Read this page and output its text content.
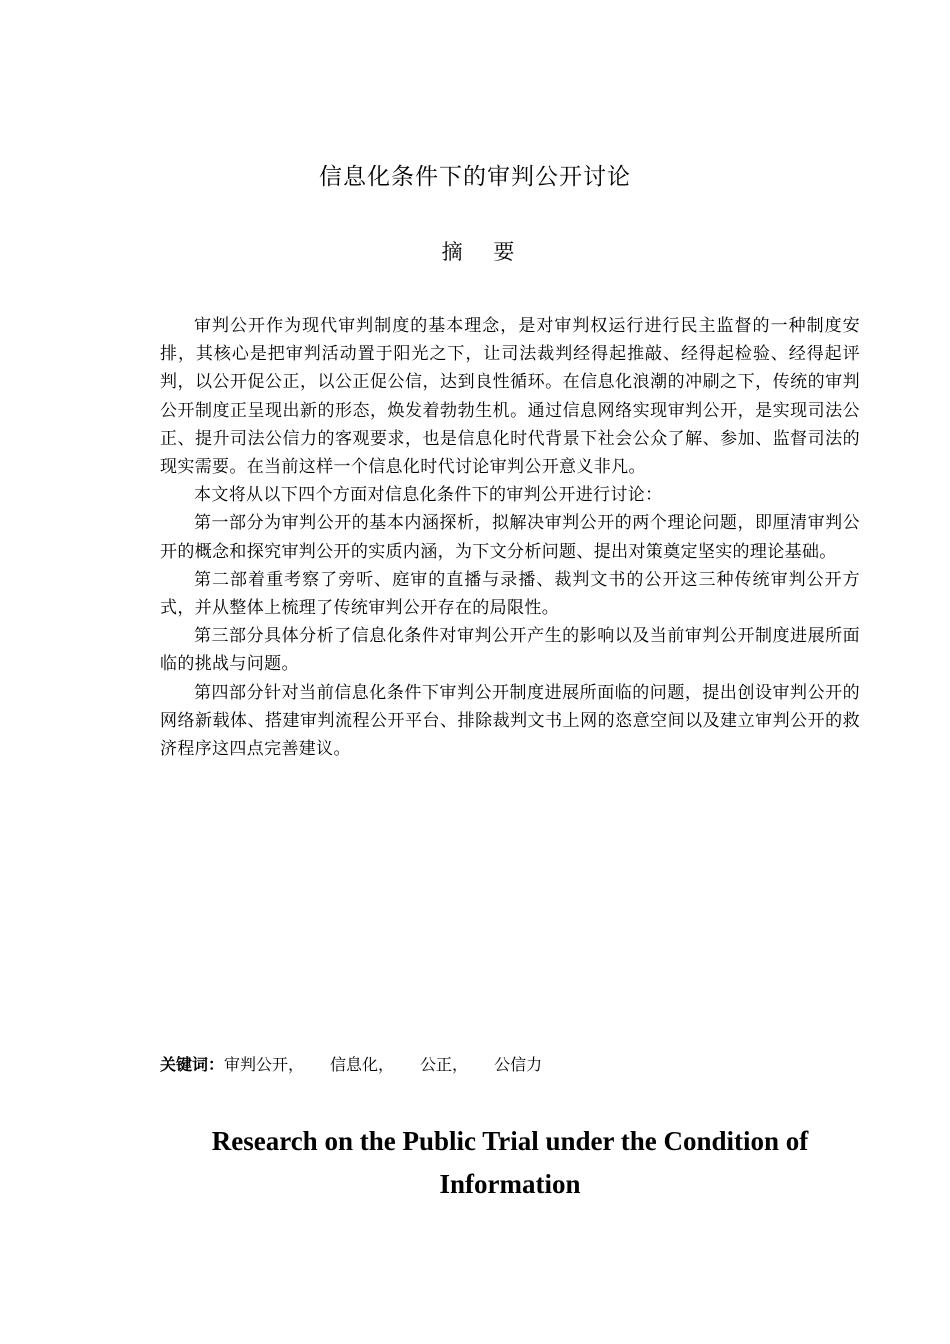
信息化条件下的审判公开讨论
摘 要

审判公开作为现代审判制度的基本理念，是对审判权运行进行民主监督的一种制度安排，其核心是把审判活动置于阳光之下，让司法裁判经得起推敲、经得起检验、经得起评判，以公开促公正，以公正促公信，达到良性循环。在信息化浪潮的冲刷之下，传统的审判公开制度正呈现出新的形态，焕发着勃勃生机。通过信息网络实现审判公开，是实现司法公正、提升司法公信力的客观要求，也是信息化时代背景下社会公众了解、参加、监督司法的现实需要。在当前这样一个信息化时代讨论审判公开意义非凡。

本文将从以下四个方面对信息化条件下的审判公开进行讨论：

第一部分为审判公开的基本内涵探析，拟解决审判公开的两个理论问题，即厘清审判公开的概念和探究审判公开的实质内涵，为下文分析问题、提出对策奠定坚实的理论基础。

第二部着重考察了旁听、庭审的直播与录播、裁判文书的公开这三种传统审判公开方式，并从整体上梳理了传统审判公开存在的局限性。

第三部分具体分析了信息化条件对审判公开产生的影响以及当前审判公开制度进展所面临的挑战与问题。

第四部分针对当前信息化条件下审判公开制度进展所面临的问题，提出创设审判公开的网络新载体、搭建审判流程公开平台、排除裁判文书上网的恣意空间以及建立审判公开的救济程序这四点完善建议。

关键词：审判公开， 信息化， 公正， 公信力
Research on the Public Trial under the Condition of Information
